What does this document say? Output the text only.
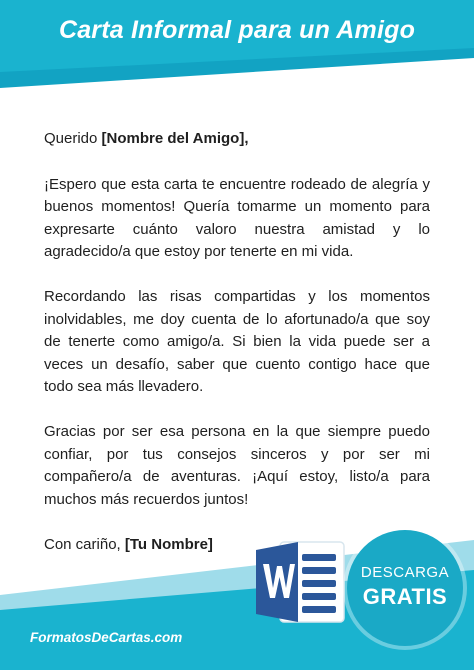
Carta Informal para un Amigo

Querido [Nombre del Amigo],

¡Espero que esta carta te encuentre rodeado de alegría y buenos momentos! Quería tomarme un momento para expresarte cuánto valoro nuestra amistad y lo agradecido/a que estoy por tenerte en mi vida.

Recordando las risas compartidas y los momentos inolvidables, me doy cuenta de lo afortunado/a que soy de tenerte como amigo/a. Si bien la vida puede ser a veces un desafío, saber que cuento contigo hace que todo sea más llevadero.

Gracias por ser esa persona en la que siempre puedo confiar, por tus consejos sinceros y por ser mi compañero/a de aventuras. ¡Aquí estoy, listo/a para muchos más recuerdos juntos!

Con cariño, [Tu Nombre]

DESCARGA
GRATIS
FormatosDeCartas.com
